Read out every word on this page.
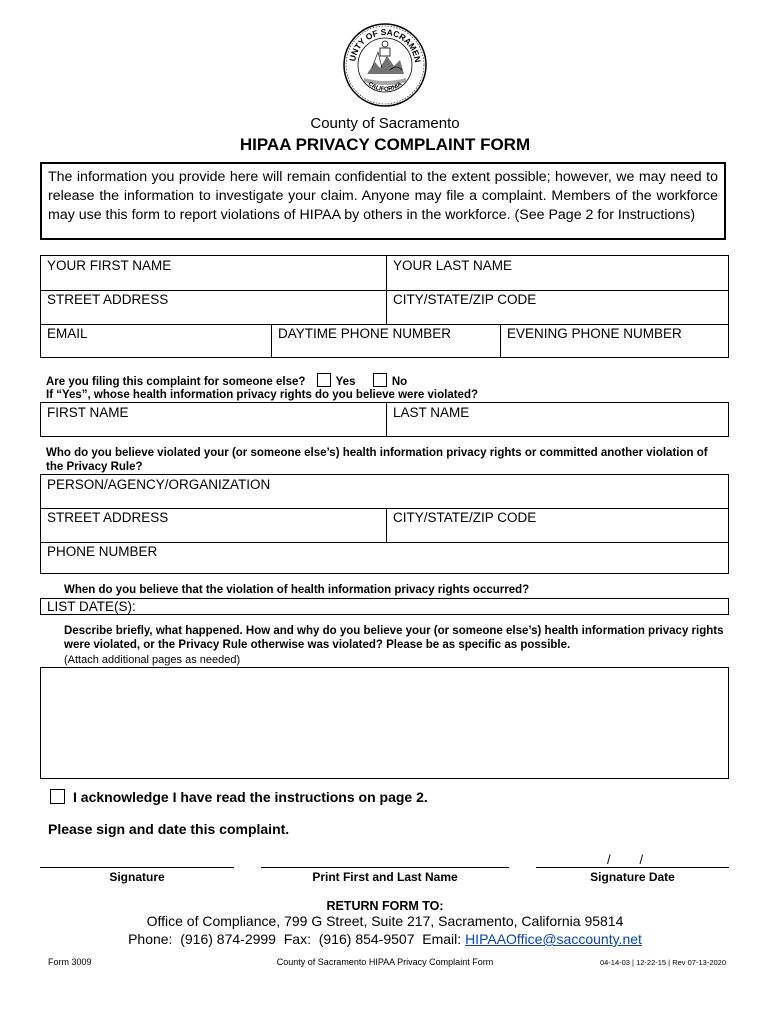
UNTY OF SACRAMEN
CALIFORNIA
County of Sacramento
HIPAA PRIVACY COMPLAINT FORM
The information you provide here will remain confidential to the extent possible; however, we may need to release the information to investigate your claim. Anyone may file a complaint. Members of the workforce may use this form to report violations of HIPAA by others in the workforce. (See Page 2 for Instructions)
YOUR FIRST NAME	YOUR LAST NAME
STREET ADDRESS	CITY/STATE/ZIP CODE
EMAIL	DAYTIME PHONE NUMBER	EVENING PHONE NUMBER
Are you filing this complaint for someone else?	Yes	No
If “Yes”, whose health information privacy rights do you believe were violated?
FIRST NAME	LAST NAME
Who do you believe violated your (or someone else’s) health information privacy rights or committed another violation of the Privacy Rule?
PERSON/AGENCY/ORGANIZATION
STREET ADDRESS	CITY/STATE/ZIP CODE
PHONE NUMBER
When do you believe that the violation of health information privacy rights occurred?
LIST DATE(S):
Describe briefly, what happened. How and why do you believe your (or someone else’s) health information privacy rights were violated, or the Privacy Rule otherwise was violated? Please be as specific as possible.
(Attach additional pages as needed)
I acknowledge I have read the instructions on page 2.
Please sign and date this complaint.
/        /
Signature	Print First and Last Name	Signature Date
RETURN FORM TO:
Office of Compliance, 799 G Street, Suite 217, Sacramento, California 95814
Phone:  (916) 874-2999  Fax:  (916) 854-9507  Email: HIPAAOffice@saccounty.net
Form 3009	County of Sacramento HIPAA Privacy Complaint Form	04-14-03 | 12-22-15 | Rev 07-13-2020
